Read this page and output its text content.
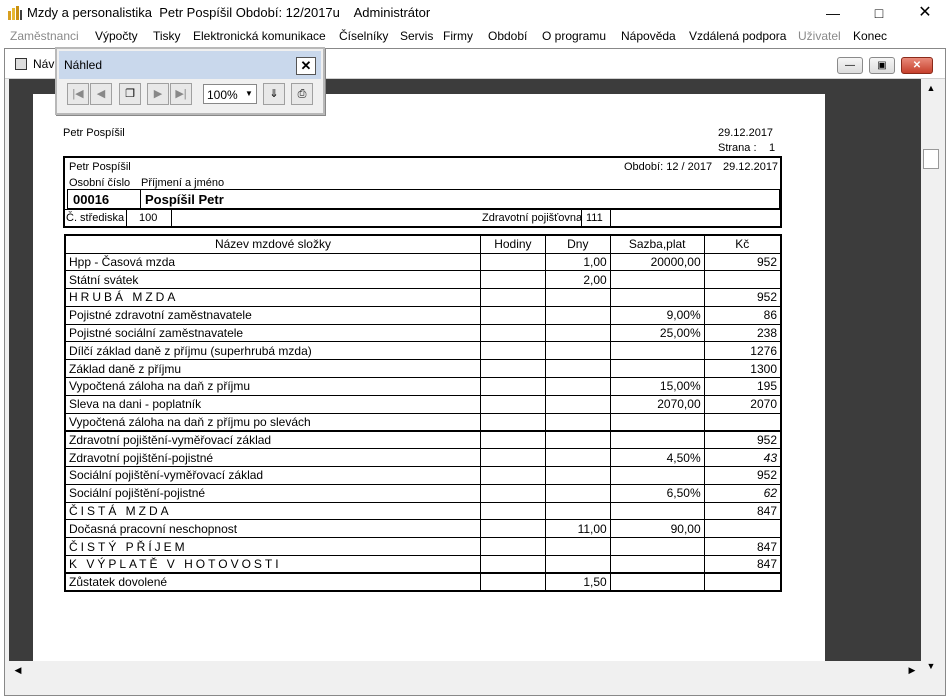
Mzdy a personalistika  Petr Pospíšil Období: 12/2017u    Administrátor	—	□	✕
Zaměstnanci Výpočty Tisky Elektronická komunikace Číselníky Servis Firmy Období O programu Nápověda Vzdálená podpora Uživatel Konec
Náv	—	▣	✕
Petr Pospíšil	29.12.2017
Strana : 1
Petr Pospíšil	Období: 12 / 2017 29.12.2017
Osobní číslo Příjmení a jméno
00016	Pospíšil Petr
Č. střediska 100	Zdravotní pojišťovna 111
Název mzdové složky	Hodiny	Dny	Sazba,plat	Kč
Hpp - Časová mzda		1,00	20000,00	952
Státní svátek		2,00		
HRUBÁ MZDA				952
Pojistné zdravotní zaměstnavatele			9,00%	86
Pojistné sociální zaměstnavatele			25,00%	238
Dílčí základ daně z příjmu (superhrubá mzda)				1276
Základ daně z příjmu				1300
Vypočtená záloha na daň z příjmu			15,00%	195
Sleva na dani - poplatník			2070,00	2070
Vypočtená záloha na daň z příjmu po slevách				
Zdravotní pojištění-vyměřovací základ				952
Zdravotní pojištění-pojistné			4,50%	43
Sociální pojištění-vyměřovací základ				952
Sociální pojištění-pojistné			6,50%	62
ČISTÁ MZDA				847
Dočasná pracovní neschopnost		11,00	90,00	
ČISTÝ PŘÍJEM				847
K VÝPLATĚ V HOTOVOSTI				847
Zůstatek dovolené		1,50		
▲
▼
◀	▶
Náhled	✕
|◀	◀	❐	▶	▶|	100% ▼	⇓	⎙
